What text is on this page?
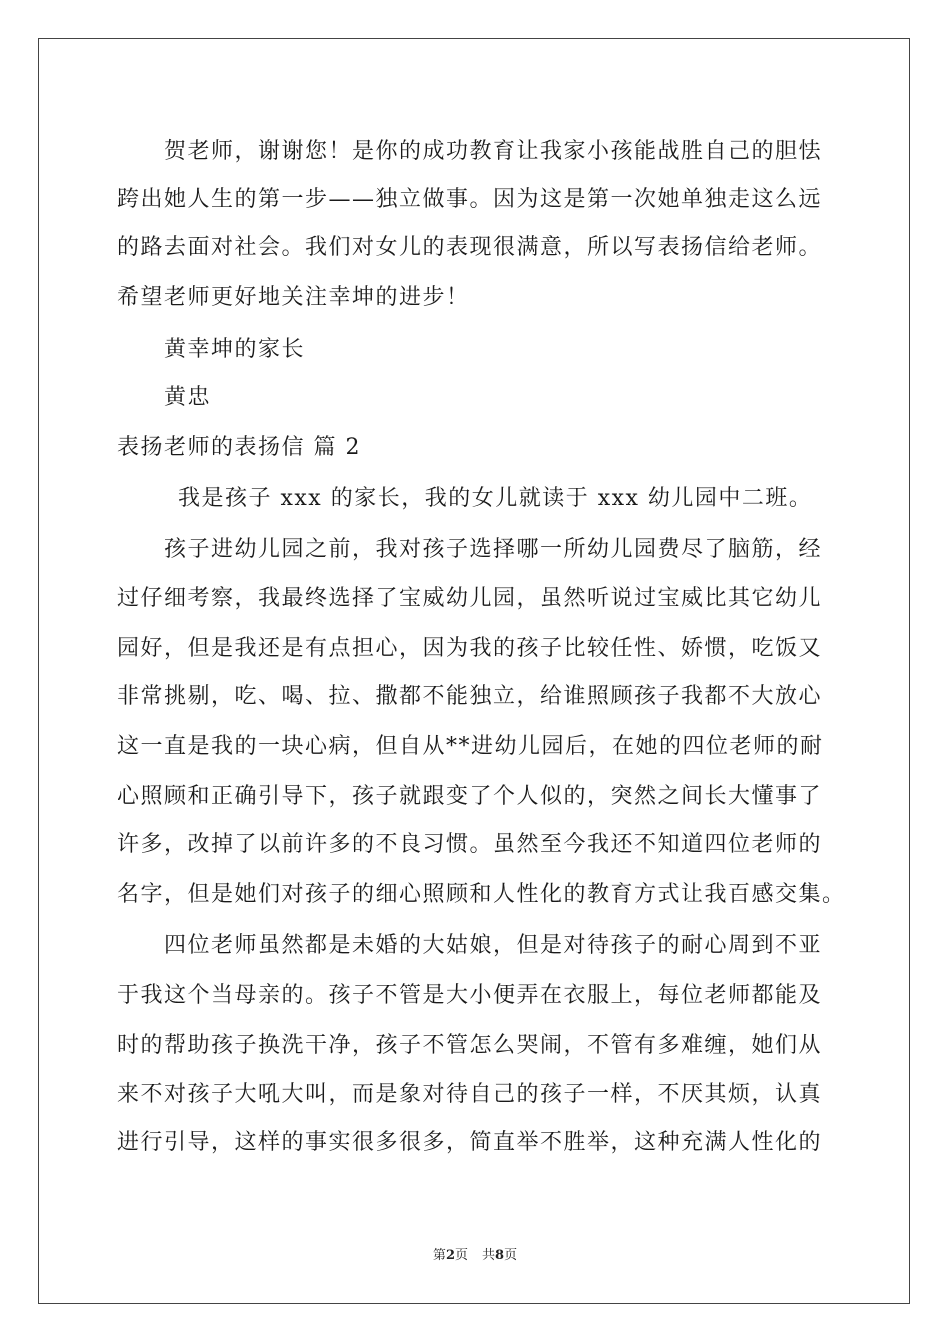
贺老师，谢谢您！是你的成功教育让我家小孩能战胜自己的胆怯
跨出她人生的第一步——独立做事。因为这是第一次她单独走这么远
的路去面对社会。我们对女儿的表现很满意，所以写表扬信给老师。
希望老师更好地关注幸坤的进步！
黄幸坤的家长
黄忠
表扬老师的表扬信 篇 2
我是孩子 xxx 的家长，我的女儿就读于 xxx 幼儿园中二班。
孩子进幼儿园之前，我对孩子选择哪一所幼儿园费尽了脑筋，经
过仔细考察，我最终选择了宝威幼儿园，虽然听说过宝威比其它幼儿
园好，但是我还是有点担心，因为我的孩子比较任性、娇惯，吃饭又
非常挑剔，吃、喝、拉、撒都不能独立，给谁照顾孩子我都不大放心
这一直是我的一块心病，但自从**进幼儿园后，在她的四位老师的耐
心照顾和正确引导下，孩子就跟变了个人似的，突然之间长大懂事了
许多，改掉了以前许多的不良习惯。虽然至今我还不知道四位老师的
名字，但是她们对孩子的细心照顾和人性化的教育方式让我百感交集。
四位老师虽然都是未婚的大姑娘，但是对待孩子的耐心周到不亚
于我这个当母亲的。孩子不管是大小便弄在衣服上，每位老师都能及
时的帮助孩子换洗干净，孩子不管怎么哭闹，不管有多难缠，她们从
来不对孩子大吼大叫，而是象对待自己的孩子一样，不厌其烦，认真
进行引导，这样的事实很多很多，简直举不胜举，这种充满人性化的
第2页 共8页
